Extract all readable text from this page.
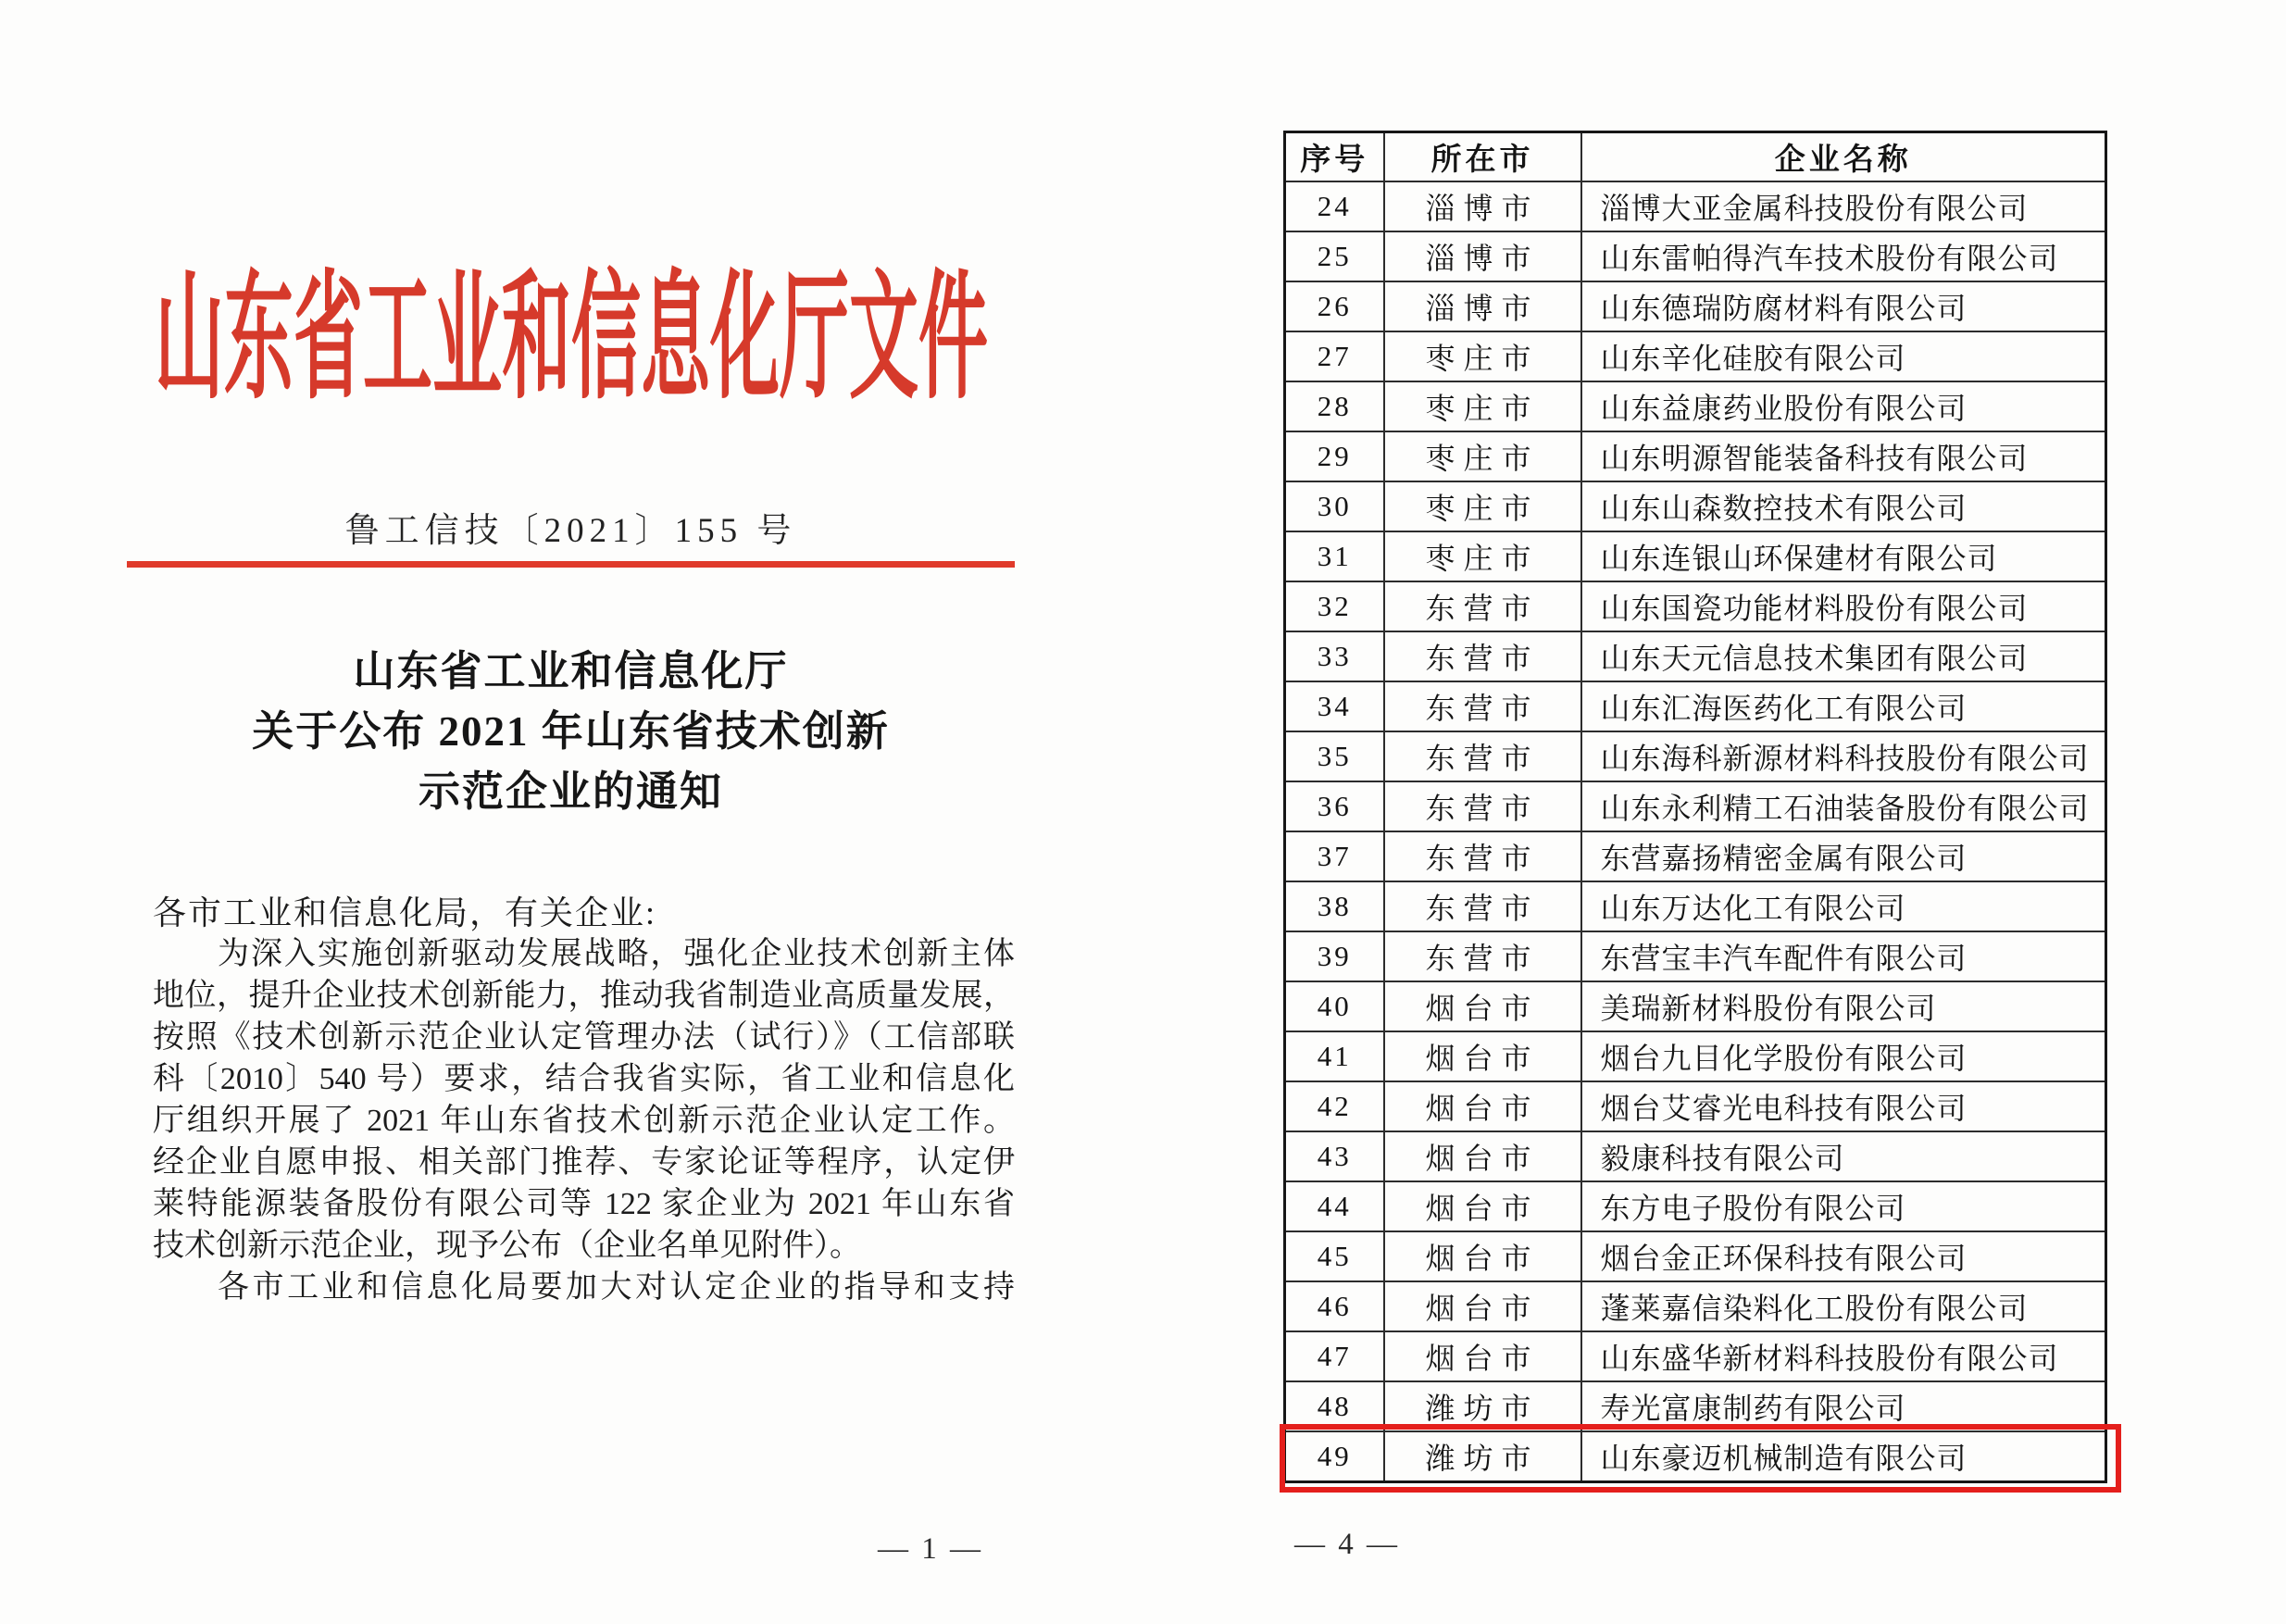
山东省工业和信息化厅文件
鲁工信技〔2021〕155 号
山东省工业和信息化厅
关于公布 2021 年山东省技术创新
示范企业的通知
各市工业和信息化局，有关企业:
为深入实施创新驱动发展战略，强化企业技术创新主体
地位，提升企业技术创新能力，推动我省制造业高质量发展，
按照《技术创新示范企业认定管理办法（试行）》（工信部联
科〔2010〕540 号）要求，结合我省实际，省工业和信息化
厅组织开展了 2021 年山东省技术创新示范企业认定工作。
经企业自愿申报、相关部门推荐、专家论证等程序，认定伊
莱特能源装备股份有限公司等 122 家企业为 2021 年山东省
技术创新示范企业，现予公布（企业名单见附件）。
各市工业和信息化局要加大对认定企业的指导和支持
— 1 —
序号	所在市	企业名称
24	淄博市	淄博大亚金属科技股份有限公司
25	淄博市	山东雷帕得汽车技术股份有限公司
26	淄博市	山东德瑞防腐材料有限公司
27	枣庄市	山东辛化硅胶有限公司
28	枣庄市	山东益康药业股份有限公司
29	枣庄市	山东明源智能装备科技有限公司
30	枣庄市	山东山森数控技术有限公司
31	枣庄市	山东连银山环保建材有限公司
32	东营市	山东国瓷功能材料股份有限公司
33	东营市	山东天元信息技术集团有限公司
34	东营市	山东汇海医药化工有限公司
35	东营市	山东海科新源材料科技股份有限公司
36	东营市	山东永利精工石油装备股份有限公司
37	东营市	东营嘉扬精密金属有限公司
38	东营市	山东万达化工有限公司
39	东营市	东营宝丰汽车配件有限公司
40	烟台市	美瑞新材料股份有限公司
41	烟台市	烟台九目化学股份有限公司
42	烟台市	烟台艾睿光电科技有限公司
43	烟台市	毅康科技有限公司
44	烟台市	东方电子股份有限公司
45	烟台市	烟台金正环保科技有限公司
46	烟台市	蓬莱嘉信染料化工股份有限公司
47	烟台市	山东盛华新材料科技股份有限公司
48	潍坊市	寿光富康制药有限公司
49	潍坊市	山东豪迈机械制造有限公司
— 4 —
